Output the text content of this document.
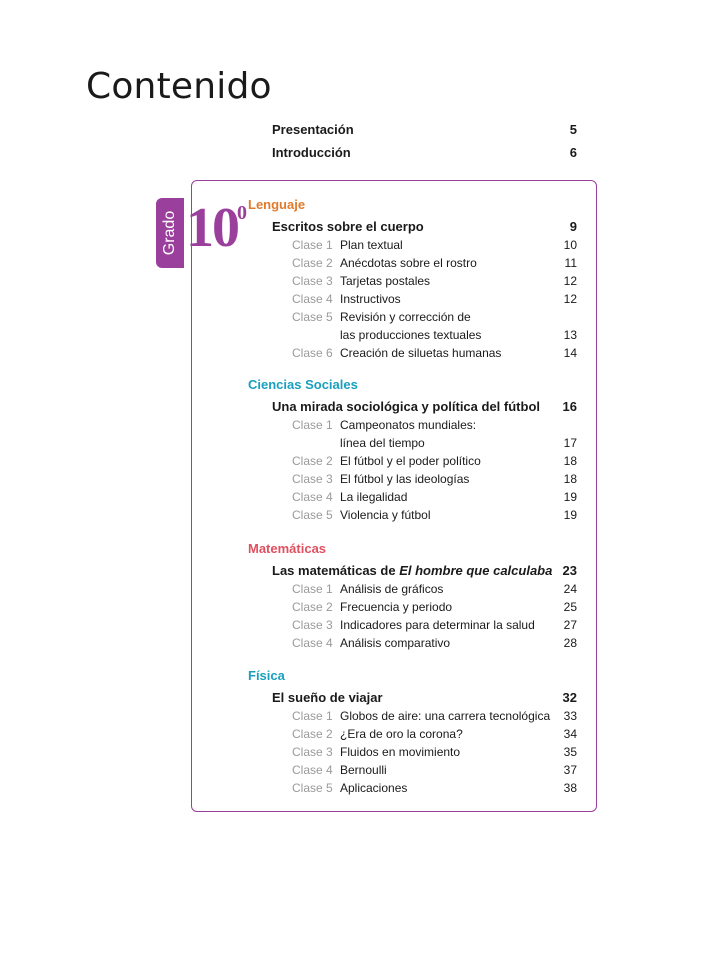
Contenido
Presentación	5
Introducción	6
Grado 10 0 Lenguaje
Escritos sobre el cuerpo	9
Clase 1 Plan textual	10
Clase 2 Anécdotas sobre el rostro	11
Clase 3 Tarjetas postales	12
Clase 4 Instructivos	12
Clase 5 Revisión y corrección de
las producciones textuales	13
Clase 6 Creación de siluetas humanas	14
Ciencias Sociales
Una mirada sociológica y política del fútbol 16
Clase 1 Campeonatos mundiales:
línea del tiempo	17
Clase 2 El fútbol y el poder político	18
Clase 3 El fútbol y las ideologías	18
Clase 4 La ilegalidad	19
Clase 5 Violencia y fútbol	19
Matemáticas
Las matemáticas de El hombre que calculaba 23
Clase 1 Análisis de gráficos	24
Clase 2 Frecuencia y periodo	25
Clase 3 Indicadores para determinar la salud	27
Clase 4 Análisis comparativo	28
Física
El sueño de viajar	32
Clase 1 Globos de aire: una carrera tecnológica	33
Clase 2 ¿Era de oro la corona?	34
Clase 3 Fluidos en movimiento	35
Clase 4 Bernoulli	37
Clase 5 Aplicaciones	38
